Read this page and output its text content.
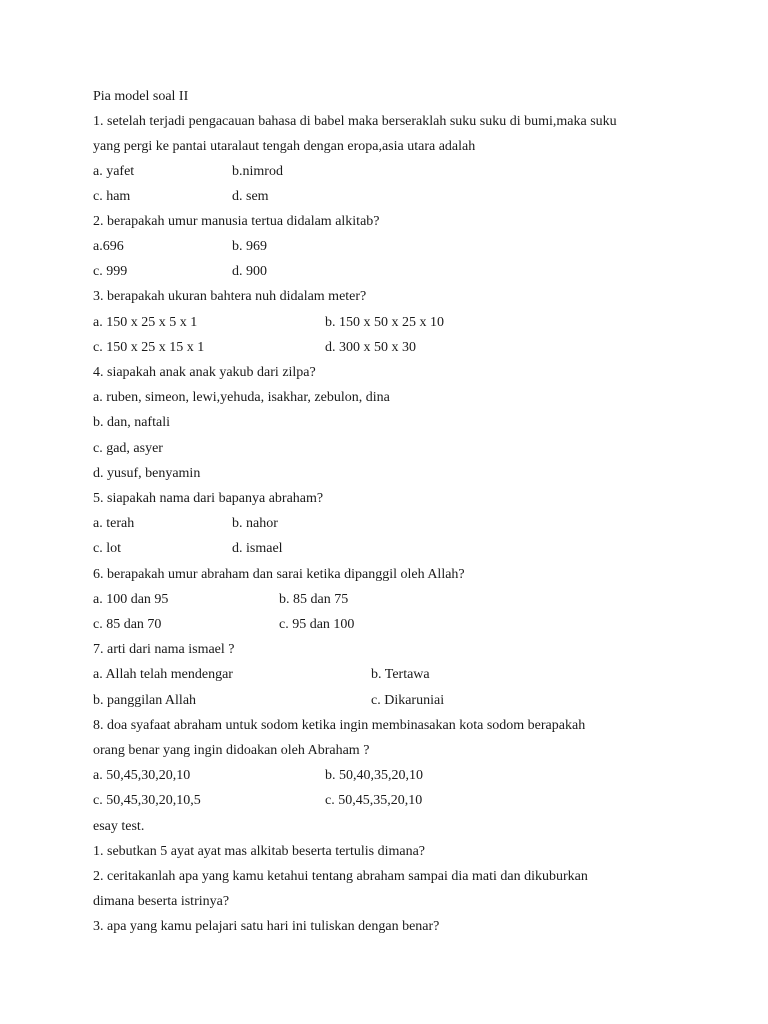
Pia model soal II
1. setelah terjadi pengacauan bahasa di babel maka berseraklah suku suku di bumi,maka suku
yang pergi ke pantai utaralaut tengah dengan eropa,asia utara adalah
a. yafet	b.nimrod
c. ham	d. sem
2. berapakah umur manusia tertua didalam alkitab?
a.696	b. 969
c. 999	d. 900
3. berapakah ukuran bahtera nuh didalam meter?
a. 150 x 25 x 5 x 1	b. 150 x 50 x 25 x 10
c. 150 x 25 x 15 x 1	d. 300 x 50 x 30
4. siapakah anak anak yakub dari zilpa?
a. ruben, simeon, lewi,yehuda, isakhar, zebulon, dina
b. dan, naftali
c. gad, asyer
d. yusuf, benyamin
5. siapakah nama dari bapanya abraham?
a. terah	b. nahor
c. lot	d. ismael
6. berapakah umur abraham dan sarai ketika dipanggil oleh Allah?
a. 100 dan 95	b. 85 dan 75
c. 85 dan 70	c. 95 dan 100
7. arti dari nama ismael ?
a. Allah telah mendengar	b. Tertawa
b. panggilan Allah	c. Dikaruniai
8. doa syafaat abraham untuk sodom ketika ingin membinasakan kota sodom berapakah
orang benar yang ingin didoakan oleh Abraham ?
a. 50,45,30,20,10	b. 50,40,35,20,10
c. 50,45,30,20,10,5	c. 50,45,35,20,10
esay test.
1. sebutkan 5 ayat ayat mas alkitab beserta tertulis dimana?
2. ceritakanlah apa yang kamu ketahui tentang abraham sampai dia mati dan dikuburkan
dimana beserta istrinya?
3. apa yang kamu pelajari satu hari ini tuliskan dengan benar?
